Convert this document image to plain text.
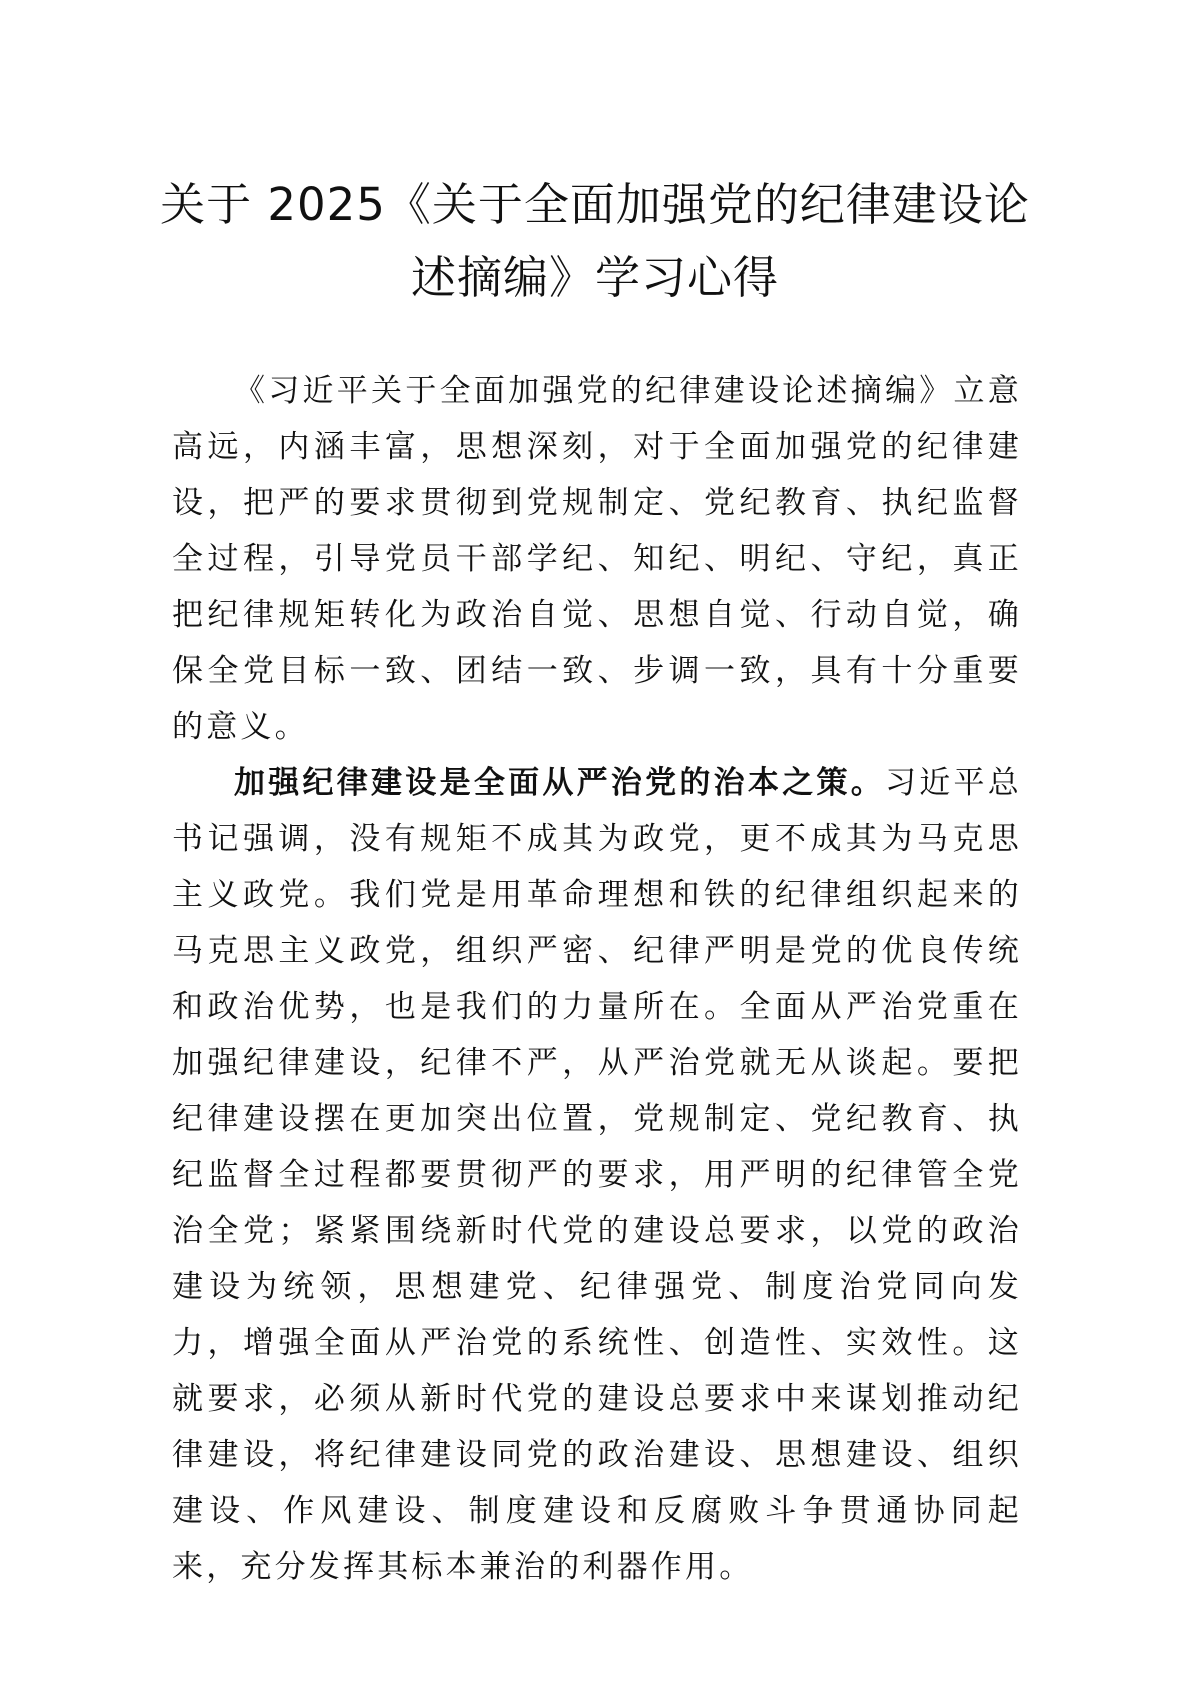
关于 2025《关于全面加强党的纪律建设论
述摘编》学习心得

《习近平关于全面加强党的纪律建设论述摘编》立意高远，内涵丰富，思想深刻，对于全面加强党的纪律建设，把严的要求贯彻到党规制定、党纪教育、执纪监督全过程，引导党员干部学纪、知纪、明纪、守纪，真正把纪律规矩转化为政治自觉、思想自觉、行动自觉，确保全党目标一致、团结一致、步调一致，具有十分重要的意义。

加强纪律建设是全面从严治党的治本之策。习近平总书记强调，没有规矩不成其为政党，更不成其为马克思主义政党。我们党是用革命理想和铁的纪律组织起来的马克思主义政党，组织严密、纪律严明是党的优良传统和政治优势，也是我们的力量所在。全面从严治党重在加强纪律建设，纪律不严，从严治党就无从谈起。要把纪律建设摆在更加突出位置，党规制定、党纪教育、执纪监督全过程都要贯彻严的要求，用严明的纪律管全党治全党；紧紧围绕新时代党的建设总要求，以党的政治建设为统领，思想建党、纪律强党、制度治党同向发力，增强全面从严治党的系统性、创造性、实效性。这就要求，必须从新时代党的建设总要求中来谋划推动纪律建设，将纪律建设同党的政治建设、思想建设、组织建设、作风建设、制度建设和反腐败斗争贯通协同起来，充分发挥其标本兼治的利器作用。
